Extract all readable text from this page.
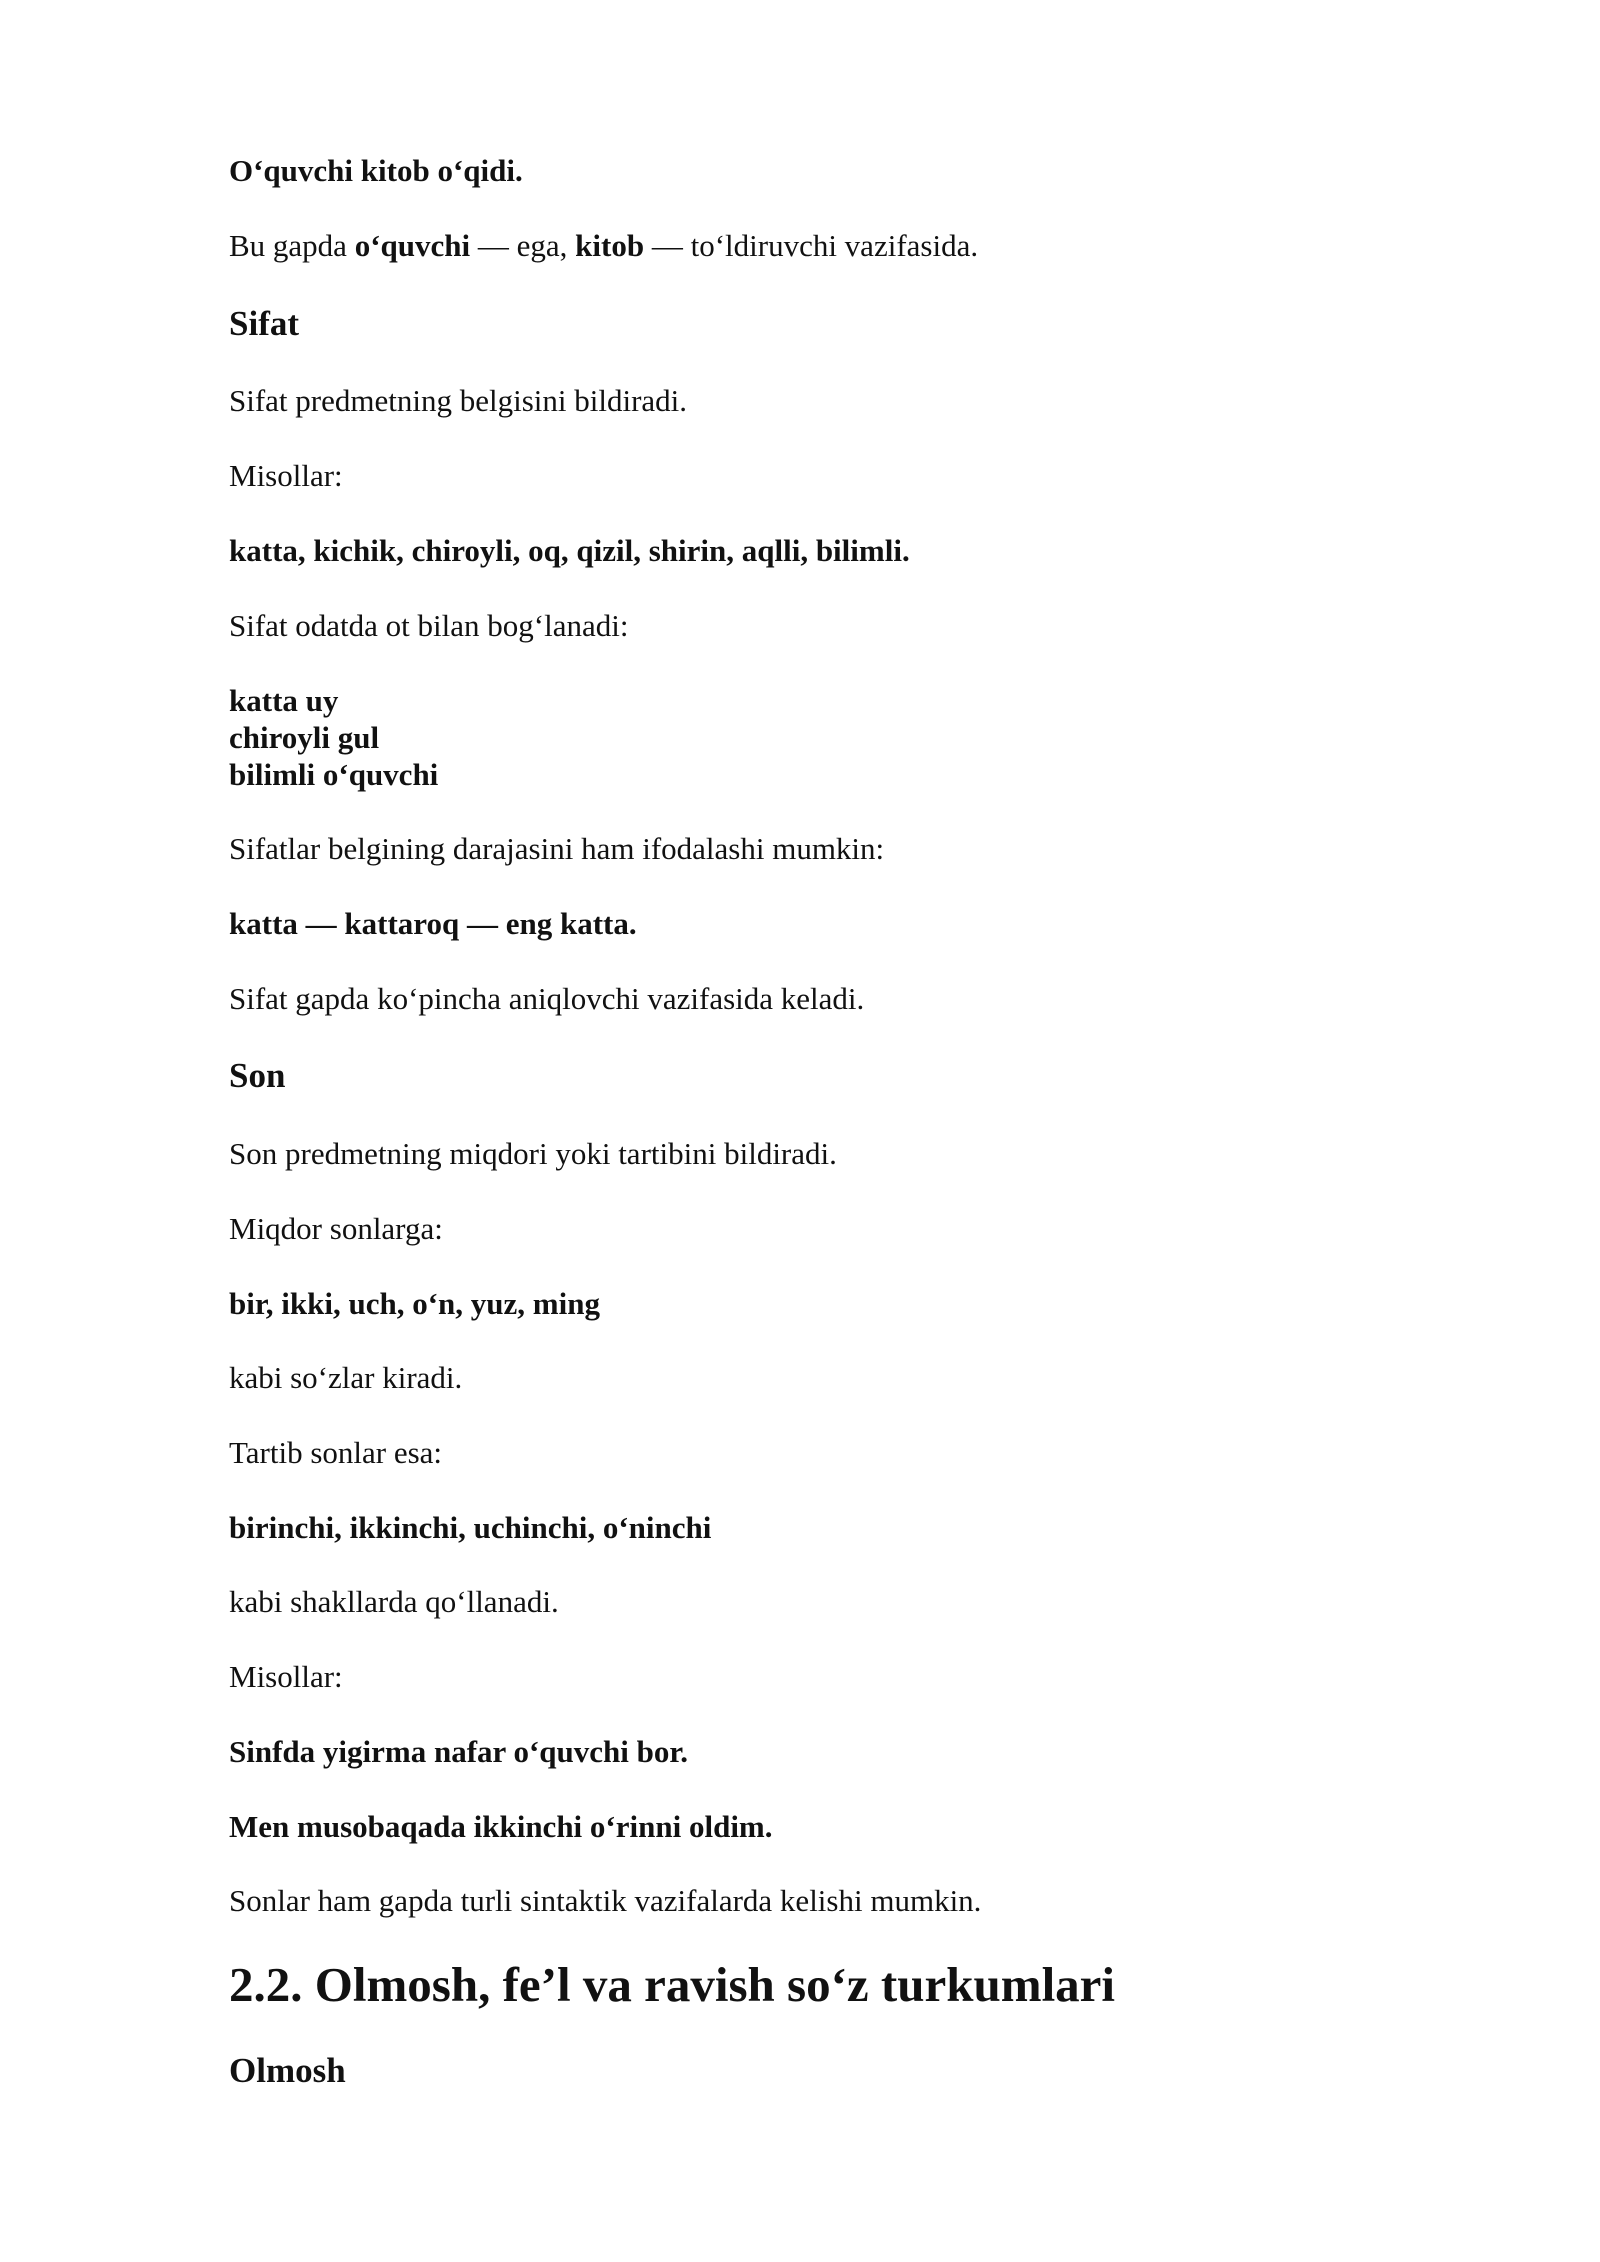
O‘quvchi kitob o‘qidi.

Bu gapda o‘quvchi — ega, kitob — to‘ldiruvchi vazifasida.

Sifat

Sifat predmetning belgisini bildiradi.

Misollar:

katta, kichik, chiroyli, oq, qizil, shirin, aqlli, bilimli.

Sifat odatda ot bilan bog‘lanadi:

katta uy

chiroyli gul

bilimli o‘quvchi

Sifatlar belgining darajasini ham ifodalashi mumkin:

katta — kattaroq — eng katta.

Sifat gapda ko‘pincha aniqlovchi vazifasida keladi.

Son

Son predmetning miqdori yoki tartibini bildiradi.

Miqdor sonlarga:

bir, ikki, uch, o‘n, yuz, ming

kabi so‘zlar kiradi.

Tartib sonlar esa:

birinchi, ikkinchi, uchinchi, o‘ninchi

kabi shakllarda qo‘llanadi.

Misollar:

Sinfda yigirma nafar o‘quvchi bor.

Men musobaqada ikkinchi o‘rinni oldim.

Sonlar ham gapda turli sintaktik vazifalarda kelishi mumkin.

2.2. Olmosh, fe’l va ravish so‘z turkumlari
Olmosh
